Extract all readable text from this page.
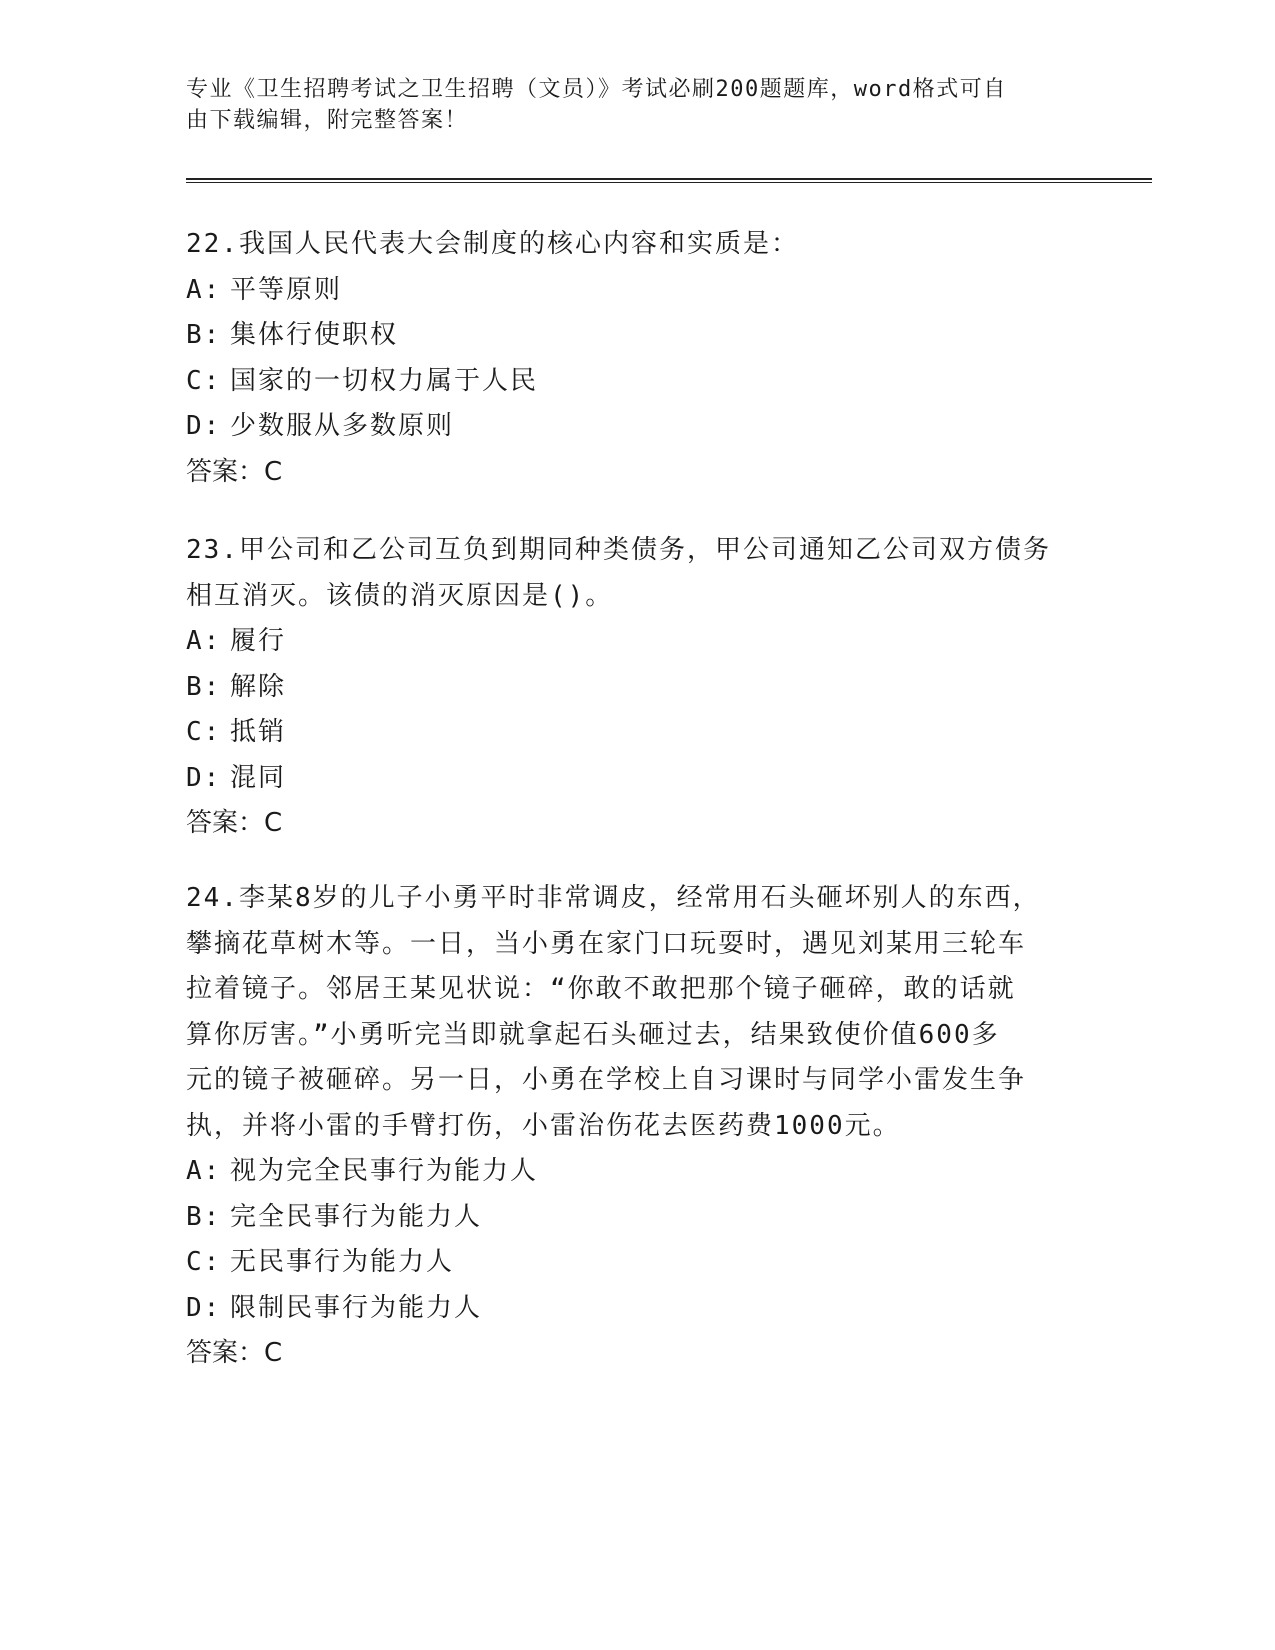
专业《卫生招聘考试之卫生招聘（文员）》考试必刷200题题库，word格式可自
由下载编辑，附完整答案！

22.我国人民代表大会制度的核心内容和实质是：

A: 平等原则

B: 集体行使职权

C: 国家的一切权力属于人民

D: 少数服从多数原则

答案：C

23.甲公司和乙公司互负到期同种类债务，甲公司通知乙公司双方债务

相互消灭。该债的消灭原因是()。

A: 履行

B: 解除

C: 抵销

D: 混同

答案：C

24.李某8岁的儿子小勇平时非常调皮，经常用石头砸坏别人的东西，

攀摘花草树木等。一日，当小勇在家门口玩耍时，遇见刘某用三轮车

拉着镜子。邻居王某见状说：“你敢不敢把那个镜子砸碎，敢的话就

算你厉害。”小勇听完当即就拿起石头砸过去，结果致使价值600多

元的镜子被砸碎。另一日，小勇在学校上自习课时与同学小雷发生争

执，并将小雷的手臂打伤，小雷治伤花去医药费1000元。

A: 视为完全民事行为能力人

B: 完全民事行为能力人

C: 无民事行为能力人

D: 限制民事行为能力人

答案：C
